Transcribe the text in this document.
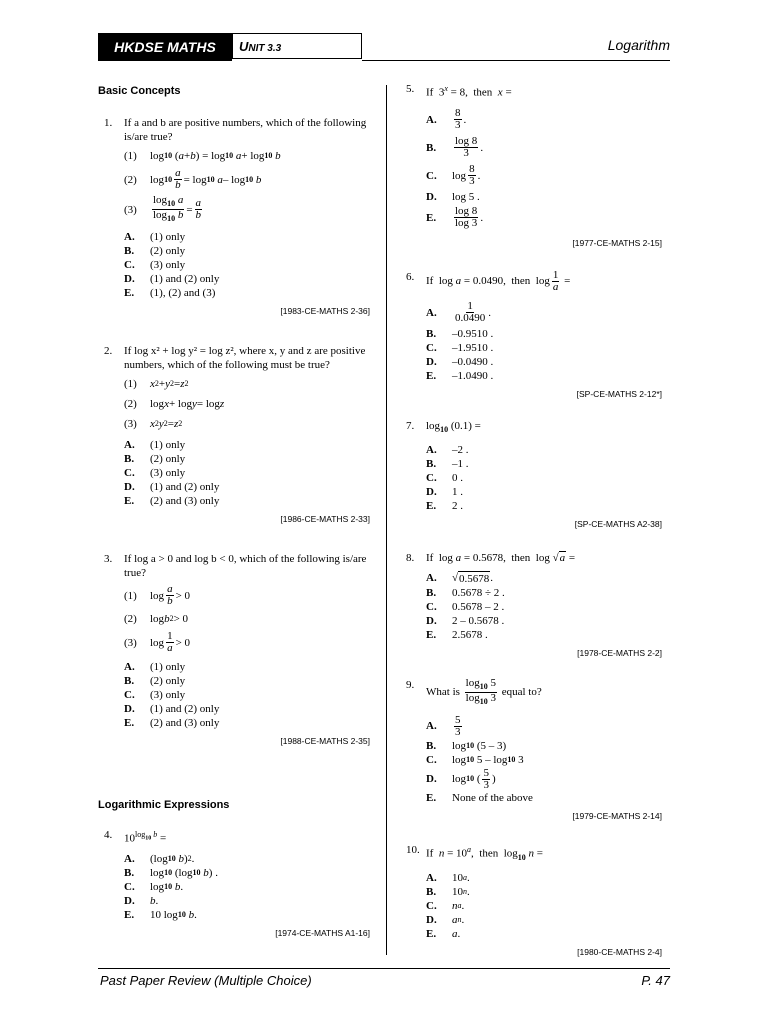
HKDSE MATHS	UNIT 3.3	Logarithm
Basic Concepts
1. If a and b are positive numbers, which of the following is/are true?
(1) log 10 ( a + b ) = log 10
a + log 10
b
(2) $\log 10 \frac{a}{b} = \log 10$
a – log 10
b
$(3) \frac{\log_{10} a}{\log_{10} b} = \frac{a}{b}$
A. (1) only
B. (2) only
C. (3) only
D. (1) and (2) only
E. (1), (2) and (3)
[1983-CE-MATHS 2-36]
2. If log x² + log y² = log z², where x, y and z are positive numbers, which of the following must be true?
(1) x 2 + y 2 = z 2
(2) log x + log y = log z
(3) x 2 y 2 = z 2
A. (1) only
B. (2) only
C. (3) only
D. (1) and (2) only
E. (2) and (3) only
[1986-CE-MATHS 2-33]
3. If log a > 0 and log b < 0, which of the following is/are true?
(1) $\log \frac{a}{b} > 0$
(2) log b 2 > 0
(3) $\log \frac{1}{a} > 0$
A. (1) only
B. (2) only
C. (3) only
D. (1) and (2) only
E. (2) and (3) only
[1988-CE-MATHS 2-35]
Logarithmic Expressions
4. $10^{log_{10} b}$ =
A. (log 10
b ) 2 .
B. log 10 (log 10
b ) .
C. log 10
b .
D. b .
E. 10 log 10
b .
[1974-CE-MATHS A1-16]
5. If  $3^x = 8$,  then  x =
A. $\frac{8}{3}$ .
B. $\frac{\log 8}{3}$ .
C. $\log \frac{8}{3}$ .
D. log 5 .
E. $\frac{\log 8}{\log 3}$ .
[1977-CE-MATHS 2-15]
6. If  log a = 0.0490,  then  $\log \frac{1}{a}$ =
A. $\frac{1}{0.0490}$ .
B. –0.9510 .
C. –1.9510 .
D. –0.0490 .
E. –1.0490 .
[SP-CE-MATHS 2-12*]
7. $\log_{10} (0.1)$ =
A. –2 .
B. –1 .
C. 0 .
D. 1 .
E. 2 .
[SP-CE-MATHS A2-38]
8. If  log a = 0.5678,  then  log √a =
A. √ 0.5678 .
B. 0.5678 ÷ 2 .
C. 0.5678 – 2 .
D. 2 – 0.5678 .
E. 2.5678 .
[1978-CE-MATHS 2-2]
9.
What is $\frac{\log_{10} 5}{\log_{10} 3}$ equal to?
A. $\frac{5}{3}$
B. log 10 (5 – 3)
C. log 10 5 – log 10 3
D. log 10 ( $\frac{5}{3}$ )
E. None of the above
[1979-CE-MATHS 2-14]
10. If  $n = 10^a$,  then  $\log_{10} n$ =
A. 10 a .
B. 10 n .
C. n a .
D. a n .
E. a .
[1980-CE-MATHS 2-4]
Past Paper Review (Multiple Choice)	P. 47
